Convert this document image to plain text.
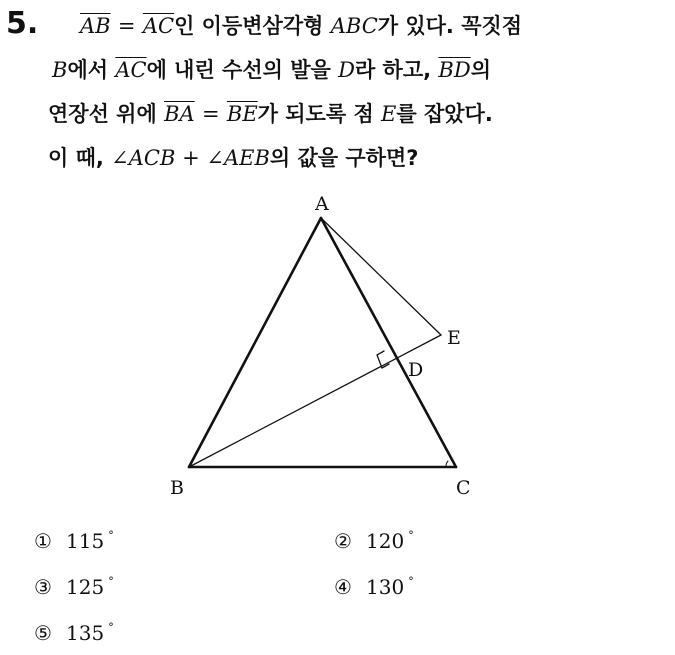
5.	$\overline{AB} = \overline{AC}$인 이등변삼각형 ABC가 있다. 꼭짓점
B에서 $\overline{AC}$에 내린 수선의 발을 D라 하고, $\overline{BD}$의
연장선 위에 $\overline{BA} = \overline{BE}$가 되도록 점 E를 잡았다.
이 때, ∠ACB + ∠AEB의 값을 구하면?
A
B	C
D
E
① 115 °	② 120 °
③ 125 °	④ 130 °
⑤ 135 °
